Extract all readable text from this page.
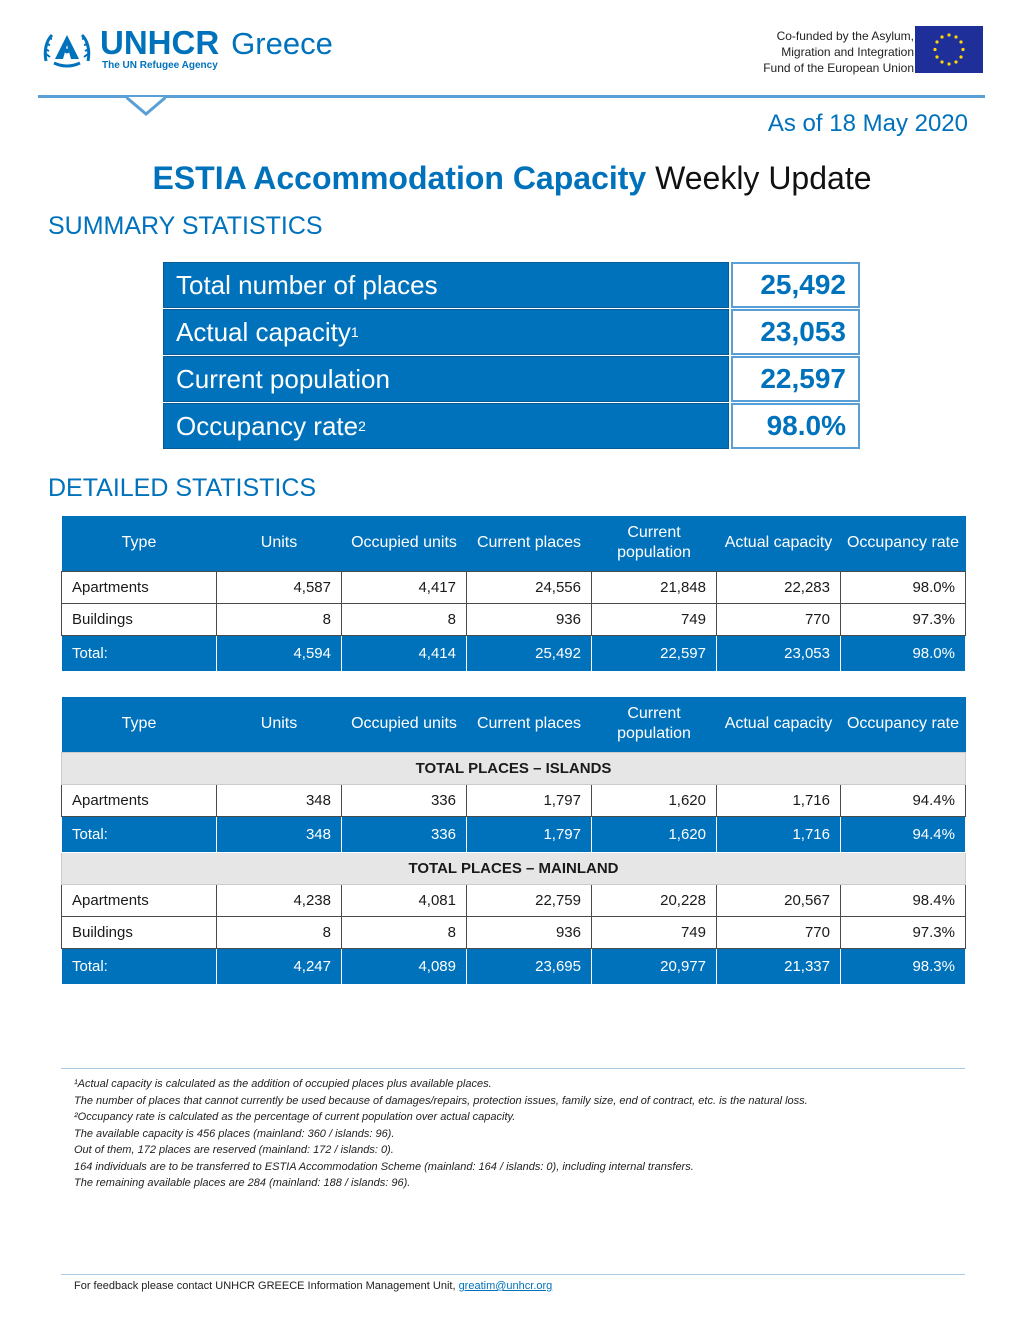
UNHCR Greece
The UN Refugee Agency
Co-funded by the Asylum,
Migration and Integration
Fund of the European Union
As of 18 May 2020
ESTIA Accommodation Capacity Weekly Update
SUMMARY STATISTICS
Total number of places	25,492
Actual capacity 1	23,053
Current population	22,597
Occupancy rate 2	98.0%
DETAILED STATISTICS
Type	Units	Occupied units	Current places	Current population	Actual capacity	Occupancy rate
Apartments	4,587	4,417	24,556	21,848	22,283	98.0%
Buildings	8	8	936	749	770	97.3%
Total:	4,594	4,414	25,492	22,597	23,053	98.0%
Type	Units	Occupied units	Current places	Current population	Actual capacity	Occupancy rate
TOTAL PLACES – ISLANDS						
Apartments	348	336	1,797	1,620	1,716	94.4%
Total:	348	336	1,797	1,620	1,716	94.4%
TOTAL PLACES – MAINLAND						
Apartments	4,238	4,081	22,759	20,228	20,567	98.4%
Buildings	8	8	936	749	770	97.3%
Total:	4,247	4,089	23,695	20,977	21,337	98.3%
¹Actual capacity is calculated as the addition of occupied places plus available places.
The number of places that cannot currently be used because of damages/repairs, protection issues, family size, end of contract, etc. is the natural loss.
²Occupancy rate is calculated as the percentage of current population over actual capacity.
The available capacity is 456 places (mainland: 360 / islands: 96).
Out of them, 172 places are reserved (mainland: 172 / islands: 0).
164 individuals are to be transferred to ESTIA Accommodation Scheme (mainland: 164 / islands: 0), including internal transfers.
The remaining available places are 284 (mainland: 188 / islands: 96).
For feedback please contact UNHCR GREECE Information Management Unit, greatim@unhcr.org
